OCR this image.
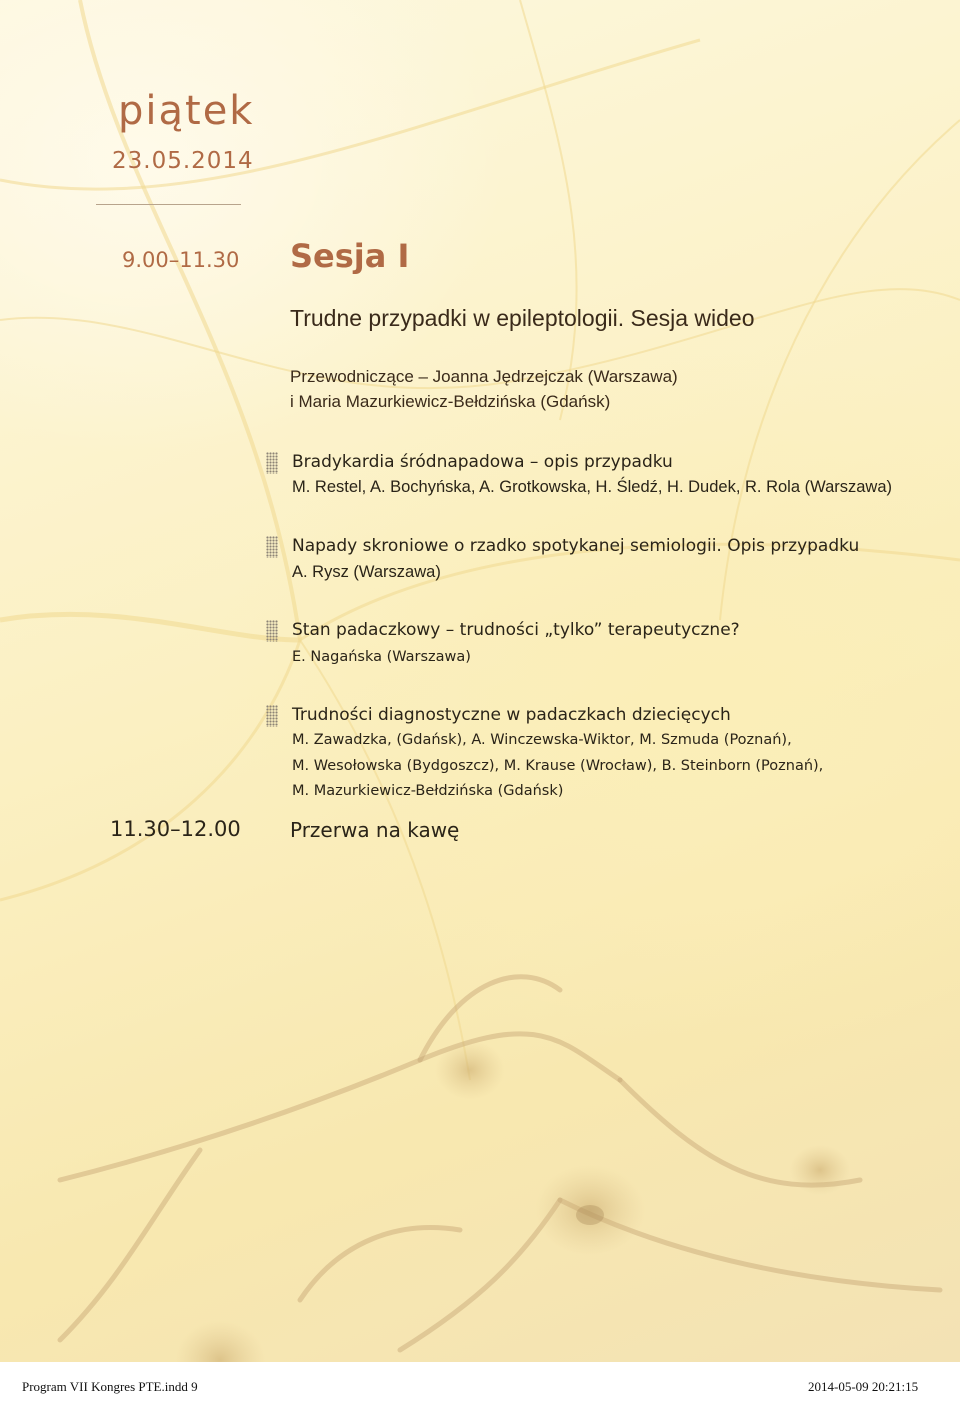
piątek
23.05.2014
9.00–11.30 Sesja I
Trudne przypadki w epileptologii. Sesja wideo
Przewodniczące – Joanna Jędrzejczak (Warszawa)
i Maria Mazurkiewicz-Bełdzińska (Gdańsk)
Bradykardia śródnapadowa – opis przypadku
M. Restel, A. Bochyńska, A. Grotkowska, H. Śledź, H. Dudek, R. Rola (Warszawa)
Napady skroniowe o rzadko spotykanej semiologii. Opis przypadku
A. Rysz (Warszawa)
Stan padaczkowy – trudności „tylko” terapeutyczne?
E. Nagańska (Warszawa)
Trudności diagnostyczne w padaczkach dziecięcych
M. Zawadzka, (Gdańsk), A. Winczewska-Wiktor, M. Szmuda (Poznań),
M. Wesołowska (Bydgoszcz), M. Krause (Wrocław), B. Steinborn (Poznań),
M. Mazurkiewicz-Bełdzińska (Gdańsk)
11.30–12.00 Przerwa na kawę
Program VII Kongres PTE.indd 9	2014-05-09 20:21:15
